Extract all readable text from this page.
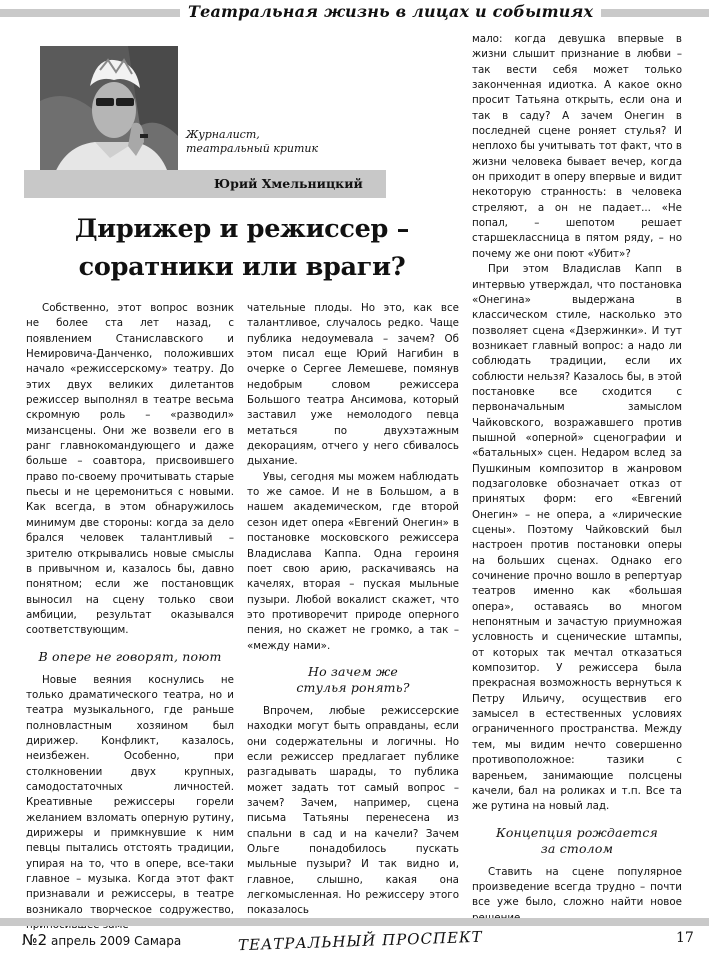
Театральная жизнь в лицах и событиях
Журналист,
театральный критик
Юрий Хмельницкий
Дирижер и режиссер –
соратники или враги?

Собственно, этот вопрос возник не более ста лет назад, с появлением Станиславского и Немировича-Данченко, положивших начало «режиссерскому» театру. До этих двух великих дилетантов режиссер выполнял в театре весьма скромную роль – «разводил» мизансцены. Они же возвели его в ранг главнокомандующего и даже больше – соавтора, присвоившего право по-своему прочитывать старые пьесы и не церемониться с новыми. Как всегда, в этом обнаружилось минимум две стороны: когда за дело брался человек талантливый – зрителю открывались новые смыслы в привычном и, казалось бы, давно понятном; если же постановщик выносил на сцену только свои амбиции, результат оказывался соответствующим.

В опере не говорят, поют

Новые веяния коснулись не только драматического театра, но и театра музыкального, где раньше полновластным хозяином был дирижер. Конфликт, казалось, неизбежен. Особенно, при столкновении двух крупных, самодостаточных личностей. Креативные режиссеры горели желанием взломать оперную рутину, дирижеры и примкнувшие к ним певцы пытались отстоять традиции, упирая на то, что в опере, все-таки главное – музыка. Когда этот факт признавали и режиссеры, в театре возникало творческое содружество,

чательные плоды. Но это, как все талантливое, случалось редко. Чаще публика недоумевала – зачем? Об этом писал еще Юрий Нагибин в очерке о Сергее Лемешеве, помянув недобрым словом режиссера Большого театра Ансимова, который заставил уже немолодого певца метаться по двухэтажным декорациям, отчего у него сбивалось дыхание.

Увы, сегодня мы можем наблюдать то же самое. И не в Большом, а в нашем академическом, где второй сезон идет опера «Евгений Онегин» в постановке московского режиссера Владислава Каппа. Одна героиня поет свою арию, раскачиваясь на качелях, вторая – пуская мыльные пузыри. Любой вокалист скажет, что это противоречит природе оперного пения, но скажет не громко, а так – «между нами».

Но зачем же
стулья ронять?

Впрочем, любые режиссерские находки могут быть оправданы, если они содержательны и логичны. Но если режиссер предлагает публике разгадывать шарады, то публика может задать тот самый вопрос – зачем? Зачем, например, сцена письма Татьяны перенесена из спальни в сад и на качели? Зачем Ольге понадобилось пускать мыльные пузыри? И так видно и, главное, слышно, какая она легкомысленная. Но режиссеру этого показалось

мало: когда девушка впервые в жизни слышит признание в любви – так вести себя может только законченная идиотка. А какое окно просит Татьяна открыть, если она и так в саду? А зачем Онегин в последней сцене роняет стулья? И неплохо бы учитывать тот факт, что в жизни человека бывает вечер, когда он приходит в оперу впервые и видит некоторую странность: в человека стреляют, а он не падает... «Не попал, – шепотом решает старшеклассница в пятом ряду, – но почему же они поют «Убит»?

При этом Владислав Капп в интервью утверждал, что постановка «Онегина» выдержана в классическом стиле, насколько это позволяет сцена «Дзержинки». И тут возникает главный вопрос: а надо ли соблюдать традиции, если их соблюсти нельзя? Казалось бы, в этой постановке все сходится с первоначальным замыслом Чайковского, возражавшего против пышной «оперной» сценографии и «батальных» сцен. Недаром вслед за Пушкиным композитор в жанровом подзаголовке обозначает отказ от принятых форм: его «Евгений Онегин» – не опера, а «лирические сцены». Поэтому Чайковский был настроен против постановки оперы на больших сценах. Однако его сочинение прочно вошло в репертуар театров именно как «большая опера», оставаясь во многом непонятным и зачастую приумножая условность и сценические штампы, от которых так мечтал отказаться композитор. У режиссера была прекрасная возможность вернуться к Петру Ильичу, осуществив его замысел в естественных условиях ограниченного пространства. Между тем, мы видим нечто совершенно противоположное: тазики с вареньем, занимающие полсцены качели, бал на роликах и т.п. Все та же рутина на новый лад.

Концепция рождается
за столом

Ставить на сцене популярное произведение всегда трудно – почти все уже было, сложно найти новое

№2 апрель 2009 Самара	ТЕАТРАЛЬНЫЙ ПРОСПЕКТ	17
